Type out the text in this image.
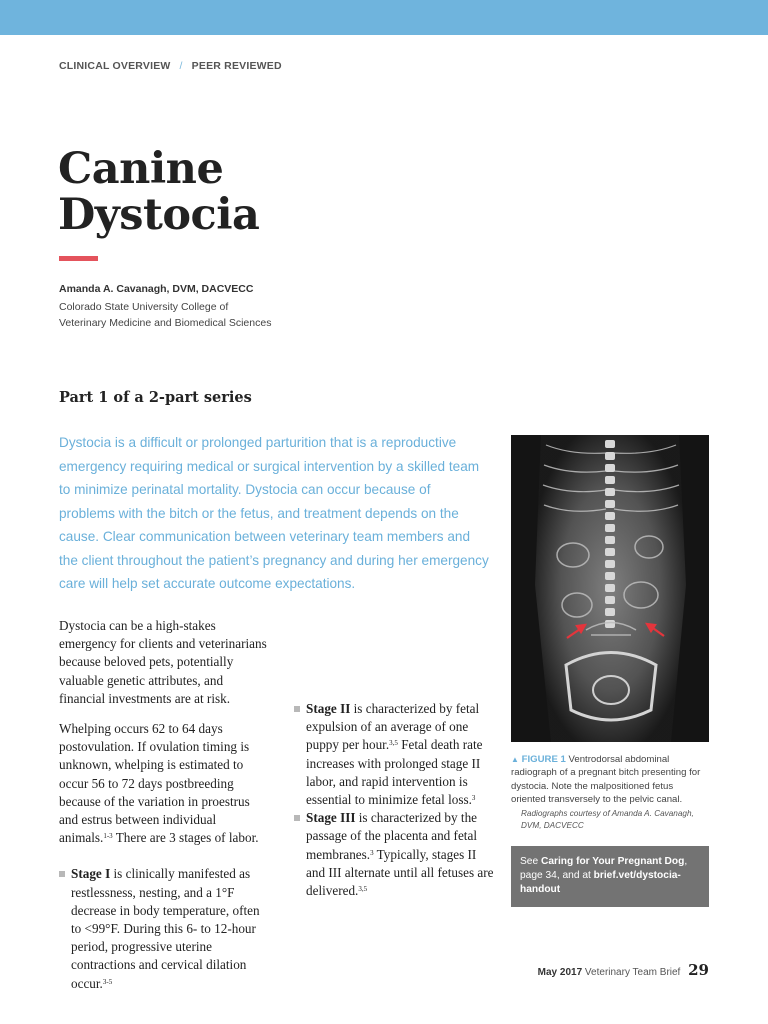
CLINICAL OVERVIEW / PEER REVIEWED
Canine
Dystocia
Amanda A. Cavanagh, DVM, DACVECC
Colorado State University College of
Veterinary Medicine and Biomedical Sciences
Part 1 of a 2-part series
Dystocia is a difficult or prolonged parturition that is a reproductive emergency requiring medical or surgical intervention by a skilled team to minimize perinatal mortality. Dystocia can occur because of problems with the bitch or the fetus, and treatment depends on the cause. Clear communication between veterinary team members and the client throughout the patient’s pregnancy and during her emergency care will help set accurate outcome expectations.

Dystocia can be a high-stakes emergency for clients and veterinarians because beloved pets, potentially valuable genetic attributes, and financial investments are at risk.

Whelping occurs 62 to 64 days postovulation. If ovulation timing is unknown, whelping is estimated to occur 56 to 72 days postbreeding because of the variation in proestrus and estrus between individual animals.$^{1-3}$ There are 3 stages of labor.

Stage I is clinically manifested as restlessness, nesting, and a 1°F decrease in body temperature, often to <99°F. During this 6- to 12-hour period, progressive uterine contractions and cervical dilation occur.$^{3-5}$

Stage II is characterized by fetal expulsion of an average of one puppy per hour.$^{3,5}$ Fetal death rate increases with prolonged stage II labor, and rapid intervention is essential to minimize fetal loss.$^3$

Stage III is characterized by the passage of the placenta and fetal membranes.$^3$ Typically, stages II and III alternate until all fetuses are delivered.$^{3,5}$

▲ FIGURE 1 Ventrodorsal abdominal radiograph of a pregnant bitch presenting for dystocia. Note the malpositioned fetus oriented transversely to the pelvic canal.
Radiographs courtesy of Amanda A. Cavanagh, DVM, DACVECC
See Caring for Your Pregnant Dog, page 34, and at brief.vet/dystocia-handout
May 2017 Veterinary Team Brief 29
